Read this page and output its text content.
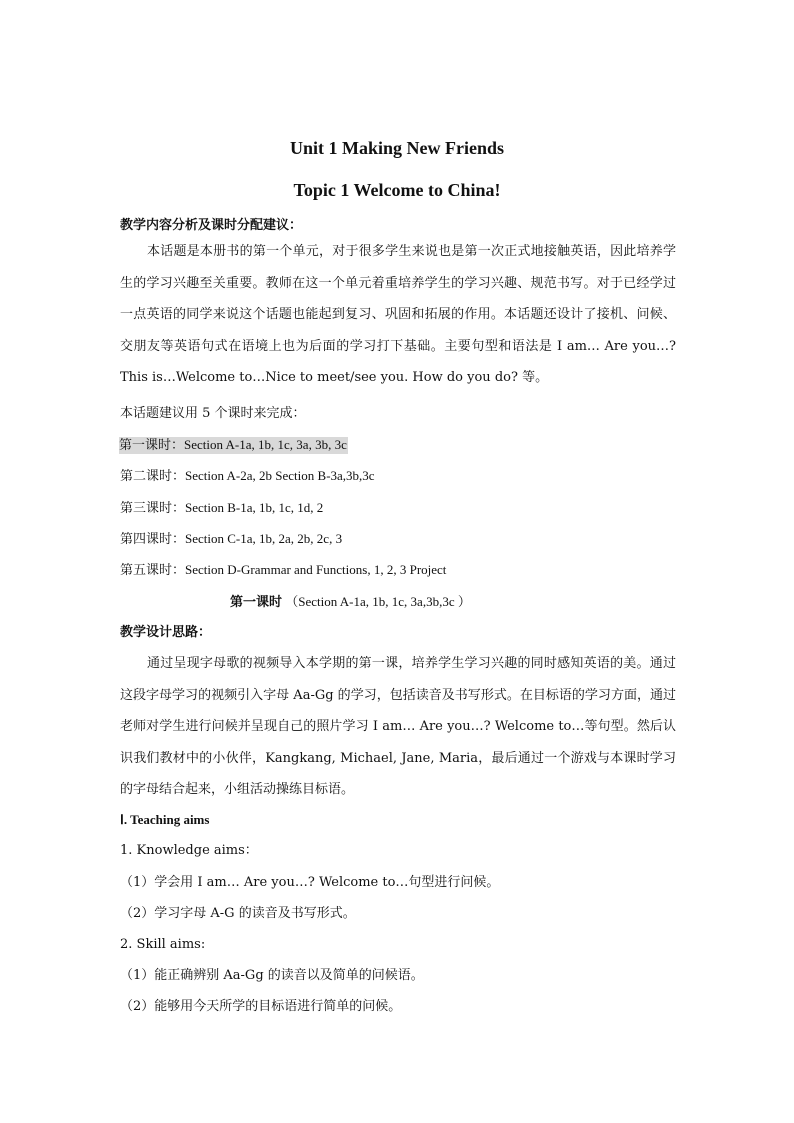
Unit 1 Making New Friends
Topic 1 Welcome to China!
教学内容分析及课时分配建议：
本话题是本册书的第一个单元，对于很多学生来说也是第一次正式地接触英语，因此培养学生的学习兴趣至关重要。教师在这一个单元着重培养学生的学习兴趣、规范书写。对于已经学过一点英语的同学来说这个话题也能起到复习、巩固和拓展的作用。本话题还设计了接机、问候、交朋友等英语句式在语境上也为后面的学习打下基础。主要句型和语法是 I am… Are you…? This is…Welcome to…Nice to meet/see you. How do you do? 等。
本话题建议用 5 个课时来完成：
第一课时：Section A-1a, 1b, 1c, 3a, 3b, 3c
第二课时：Section A-2a, 2b Section B-3a,3b,3c
第三课时：Section B-1a, 1b, 1c, 1d, 2
第四课时：Section C-1a, 1b, 2a, 2b, 2c, 3
第五课时：Section D-Grammar and Functions, 1, 2, 3 Project
第一课时 （Section A-1a, 1b, 1c, 3a,3b,3c ）
教学设计思路：
通过呈现字母歌的视频导入本学期的第一课，培养学生学习兴趣的同时感知英语的美。通过这段字母学习的视频引入字母 Aa-Gg 的学习，包括读音及书写形式。在目标语的学习方面，通过老师对学生进行问候并呈现自己的照片学习 I am… Are you…? Welcome to…等句型。然后认识我们教材中的小伙伴，Kangkang, Michael, Jane, Maria，最后通过一个游戏与本课时学习的字母结合起来，小组活动操练目标语。
Ⅰ. Teaching aims
1. Knowledge aims：
（1）学会用 I am… Are you…? Welcome to…句型进行问候。
（2）学习字母 A-G 的读音及书写形式。
2. Skill aims:
（1）能正确辨别 Aa-Gg 的读音以及简单的问候语。
（2）能够用今天所学的目标语进行简单的问候。
